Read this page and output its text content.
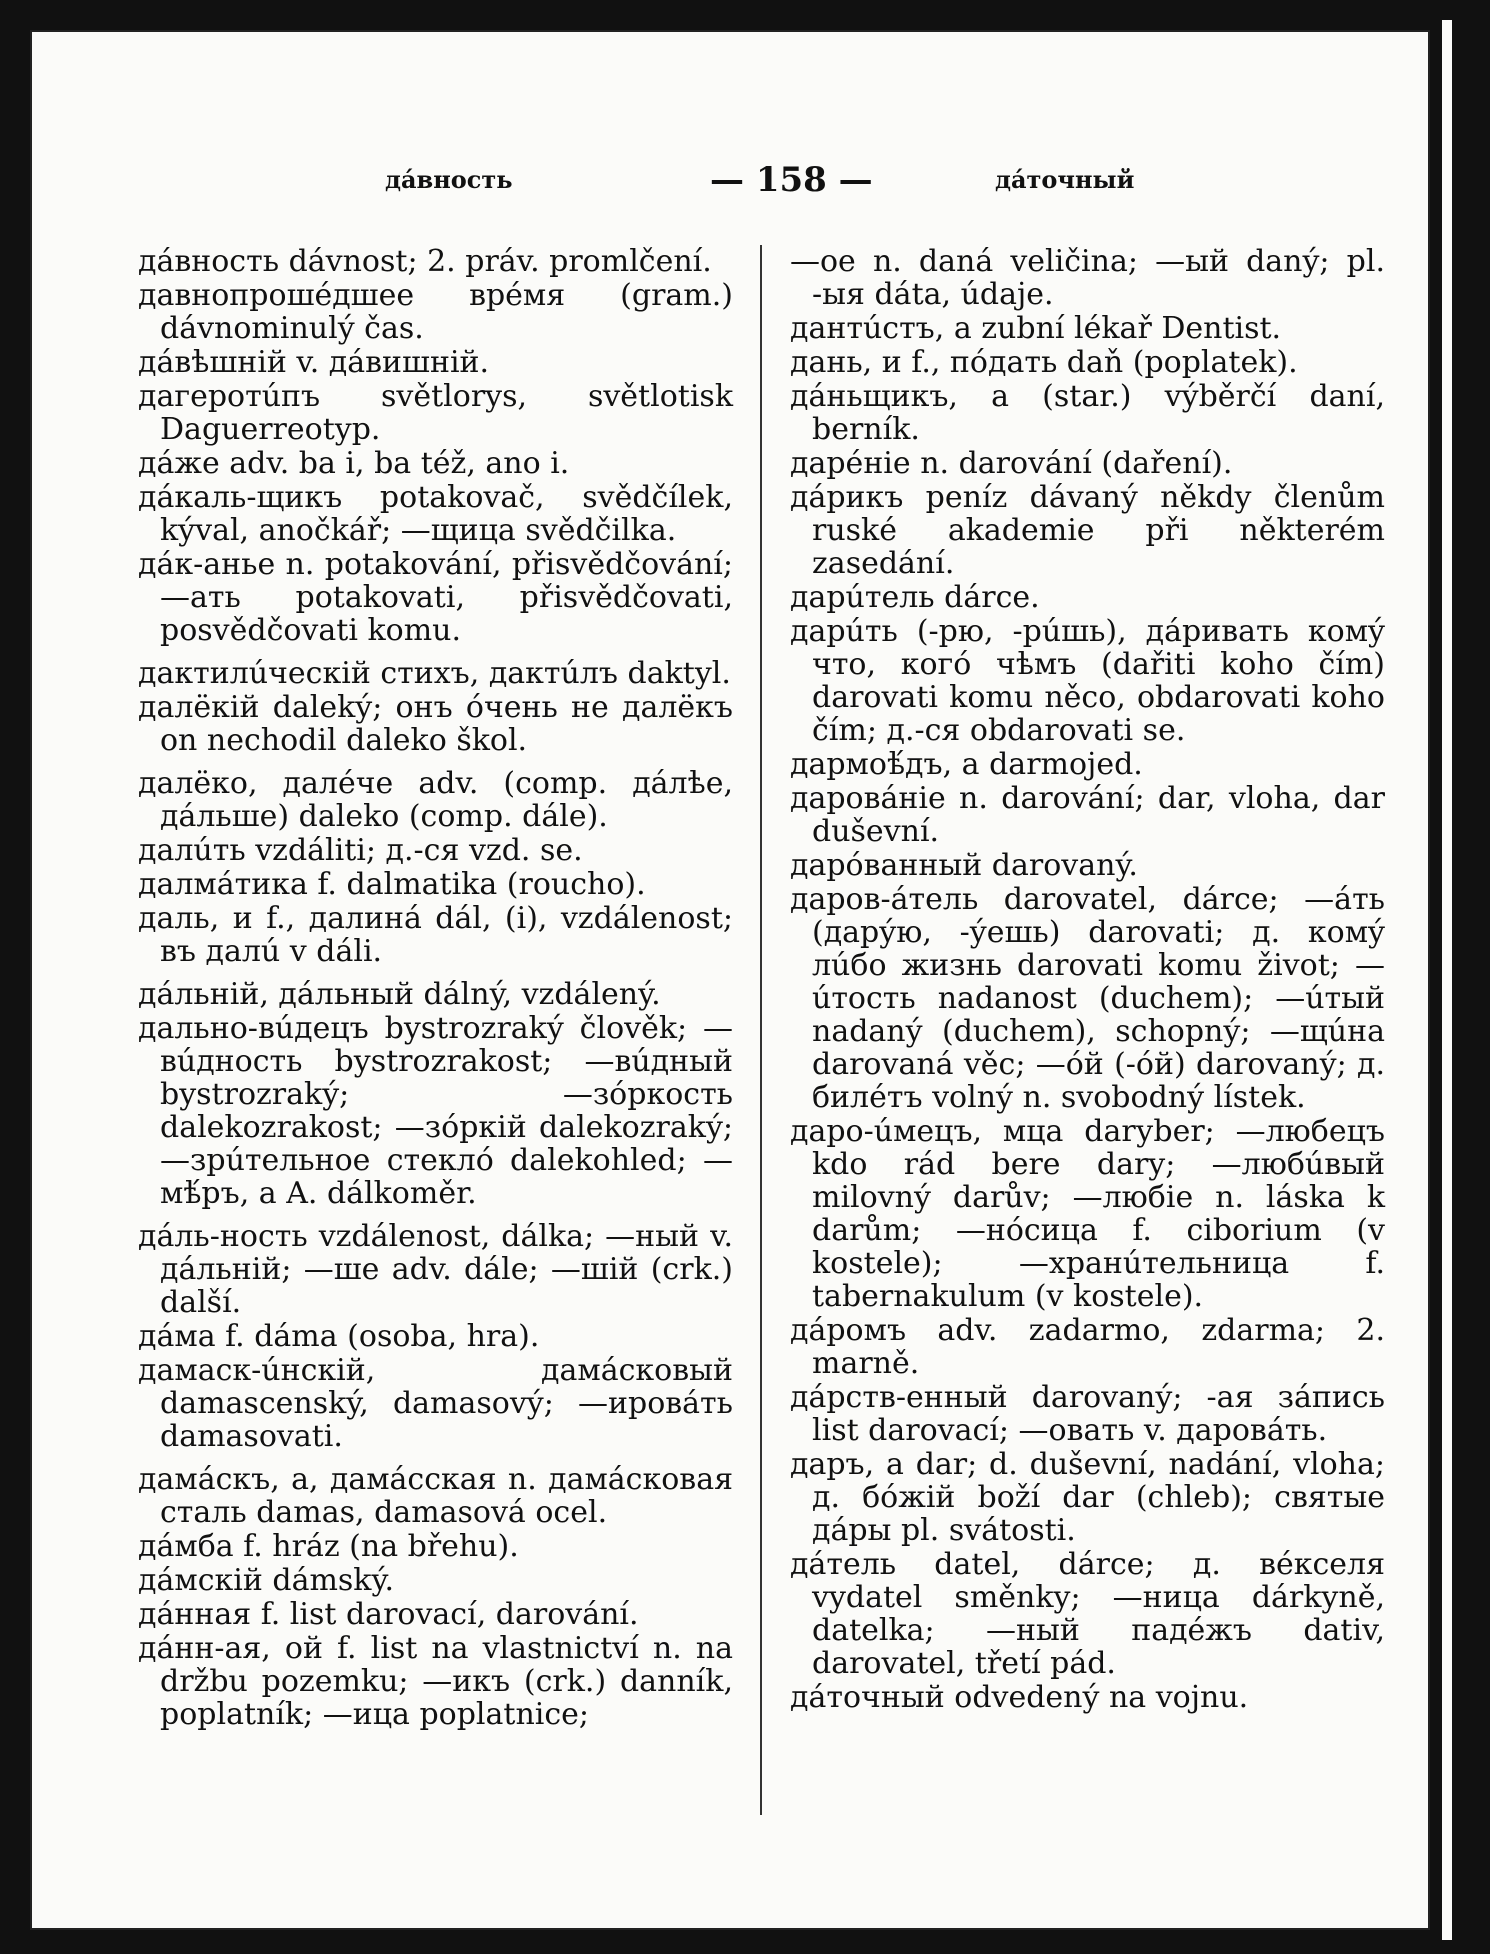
дáвность	— 158 —	дáточный

дáвность dávnost; 2. práv. promlčení.

давнопрошéдшее врéмя (gram.) dávnominulý čas.

дáвѣшній v. дáвишній.

дагеротúпъ světlorys, světlotisk Daguerreotyp.

дáже adv. ba i, ba též, ano i.

дáкаль-щикъ potakovač, svědčílek, kýval, anočkář; —щица svědčilka.

дáк-анье n. potakování, přisvědčování; —ать potakovati, přisvědčovati, posvědčovati komu.

дактилúческій стихъ, дактúлъ daktyl.

далёкій daleký; онъ óчень не далёкъ on nechodil daleko škol.

далёко, далéче adv. (comp. дáлѣе, дáльше) daleko (comp. dále).

далúть vzdáliti; д.-ся vzd. se.

далмáтика f. dalmatika (roucho).

даль, и f., далинá dál, (i), vzdálenost; въ далú v dáli.

дáльній, дáльный dálný, vzdálený.

дально-вúдецъ bystrozraký člověk; —вúдность bystrozrakost; —вúдный bystrozraký; —зóркость dalekozrakost; —зóркій dalekozraký; —зрúтельное стеклó dalekohled; —мѣ́ръ, a A. dálkoměr.

дáль-ность vzdálenost, dálka; —ный v. дáльній; —ше adv. dále; —шій (crk.) další.

дáма f. dáma (osoba, hra).

дамаск-úнскій, дамáсковый damascenský, damasový; —ировáть damasovati.

дамáскъ, a, дамáсская n. дамáсковая сталь damas, damasová ocel.

дáмба f. hráz (na břehu).

дáмскій dámský.

дáнная f. list darovací, darování.

дáнн-ая, ой f. list na vlastnictví n. na držbu pozemku; —икъ (crk.) danník, poplatník; —ица poplatnice;

—ое n. daná veličina; —ый daný; pl. -ыя dáta, údaje.

дантúстъ, a zubní lékař Dentist.

дань, и f., пóдать daň (poplatek).

дáньщикъ, a (star.) výběrčí daní, berník.

дарéніе n. darování (daření).

дáрикъ peníz dávaný někdy členům ruské akademie při některém zasedání.

дарúтель dárce.

дарúть (-рю, -рúшь), дáривать комý что, когó чѣмъ (dařiti koho čím) darovati komu něco, obdarovati koho čím; д.-ся obdarovati se.

дармоѣ́дъ, a darmojed.

даровáніе n. darování; dar, vloha, dar duševní.

дарóванный darovaný.

даров-áтель darovatel, dárce; —áть (дарýю, -ýешь) darovati; д. комý лúбо жизнь darovati komu život; —úтость nadanost (duchem); —úтый nadaný (duchem), schopný; —щúна darovaná věc; —óй (-óй) darovaný; д. билéтъ volný n. svobodný lístek.

даро-úмецъ, мца darуber; —любецъ kdo rád bere dary; —любúвый milovný darův; —любіе n. láska k darům; —нóсица f. ciborium (v kostele); —хранúтельница f. tabernakulum (v kostele).

дáромъ adv. zadarmo, zdarma; 2. marně.

дáрств-енный darovaný; -ая зáпись list darovací; —овать v. даровáть.

даръ, a dar; d. duševní, nadání, vloha; д. бóжій boží dar (chleb); святые дáры pl. svátosti.

дáтель datel, dárce; д. вéкселя vydatel směnky; —ница dárkyně, datelka; —ный падéжъ dativ, darovatel, třetí pád.

дáточный odvedený na vojnu.
